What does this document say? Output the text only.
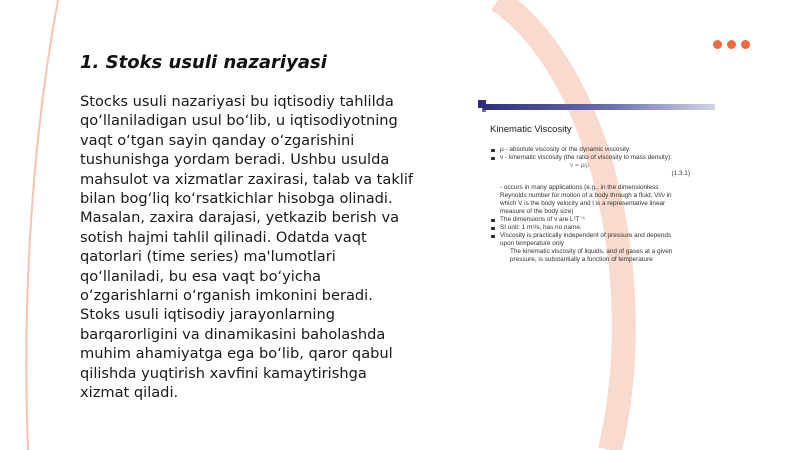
1. Stoks usuli nazariyasi
Stocks usuli nazariyasi bu iqtisodiy tahlilda
qo‘llaniladigan usul bo‘lib, u iqtisodiyotning
vaqt o‘tgan sayin qanday o‘zgarishini
tushunishga yordam beradi. Ushbu usulda
mahsulot va xizmatlar zaxirasi, talab va taklif
bilan bog‘liq ko‘rsatkichlar hisobga olinadi.
Masalan, zaxira darajasi, yetkazib berish va
sotish hajmi tahlil qilinadi. Odatda vaqt
qatorlari (time series) ma'lumotlari
qo‘llaniladi, bu esa vaqt bo‘yicha
o‘zgarishlarni o‘rganish imkonini beradi.
Stoks usuli iqtisodiy jarayonlarning
barqarorligini va dinamikasini baholashda
muhim ahamiyatga ega bo‘lib, qaror qabul
qilishda yuqtirish xavfini kamaytirishga
xizmat qiladi.
Kinematic Viscosity
μ - absolute viscosity or the dynamic viscosity
ν - kinematic viscosity (the ratio of viscosity to mass density):
ν = μ/ρ
(1.3.1)
- occurs in many applications (e.g., in the dimensionless
Reynolds number for motion of a body through a fluid, Vl/ν in
which V is the body velocity and l is a representative linear
measure of the body size)
The dimensions of ν are L²T⁻¹
SI unit: 1 m²/s, has no name.
Viscosity is practically independent of pressure and depends
upon temperature only
The kinematic viscosity of liquids, and of gases at a given
pressure, is substantially a function of temperature
